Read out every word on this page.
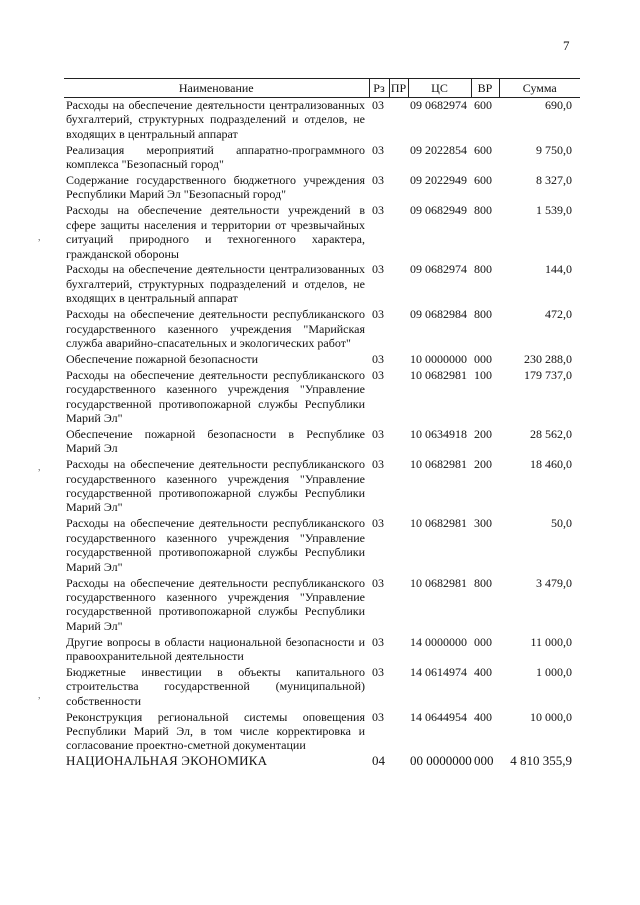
7
,
,
,
Наименование	Рз	ПР	ЦС	ВР	Сумма
Расходы на обеспечение деятельности централизованных бухгалтерий, структурных подразделений и отделов, не входящих в центральный аппарат	03		09 0682974	600	690,0
Реализация мероприятий аппаратно-программного комплекса "Безопасный город"	03		09 2022854	600	9 750,0
Содержание государственного бюджетного учреждения Республики Марий Эл "Безопасный город"	03		09 2022949	600	8 327,0
Расходы на обеспечение деятельности учреждений в сфере защиты населения и территории от чрезвычайных ситуаций природного и техногенного характера, гражданской обороны	03		09 0682949	800	1 539,0
Расходы на обеспечение деятельности централизованных бухгалтерий, структурных подразделений и отделов, не входящих в центральный аппарат	03		09 0682974	800	144,0
Расходы на обеспечение деятельности республиканского государственного казенного учреждения "Марийская служба аварийно-спасательных и экологических работ"	03		09 0682984	800	472,0
Обеспечение пожарной безопасности	03		10 0000000	000	230 288,0
Расходы на обеспечение деятельности республиканского государственного казенного учреждения "Управление государственной противопожарной службы Республики Марий Эл"	03		10 0682981	100	179 737,0
Обеспечение пожарной безопасности в Республике Марий Эл	03		10 0634918	200	28 562,0
Расходы на обеспечение деятельности республиканского государственного казенного учреждения "Управление государственной противопожарной службы Республики Марий Эл"	03		10 0682981	200	18 460,0
Расходы на обеспечение деятельности республиканского государственного казенного учреждения "Управление государственной противопожарной службы Республики Марий Эл"	03		10 0682981	300	50,0
Расходы на обеспечение деятельности республиканского государственного казенного учреждения "Управление государственной противопожарной службы Республики Марий Эл"	03		10 0682981	800	3 479,0
Другие вопросы в области национальной безопасности и правоохранительной деятельности	03		14 0000000	000	11 000,0
Бюджетные инвестиции в объекты капитального строительства государственной (муниципальной) собственности	03		14 0614974	400	1 000,0
Реконструкция региональной системы оповещения Республики Марий Эл, в том числе корректировка и согласование проектно-сметной документации	03		14 0644954	400	10 000,0
НАЦИОНАЛЬНАЯ ЭКОНОМИКА	04		00 0000000	000	4 810 355,9
